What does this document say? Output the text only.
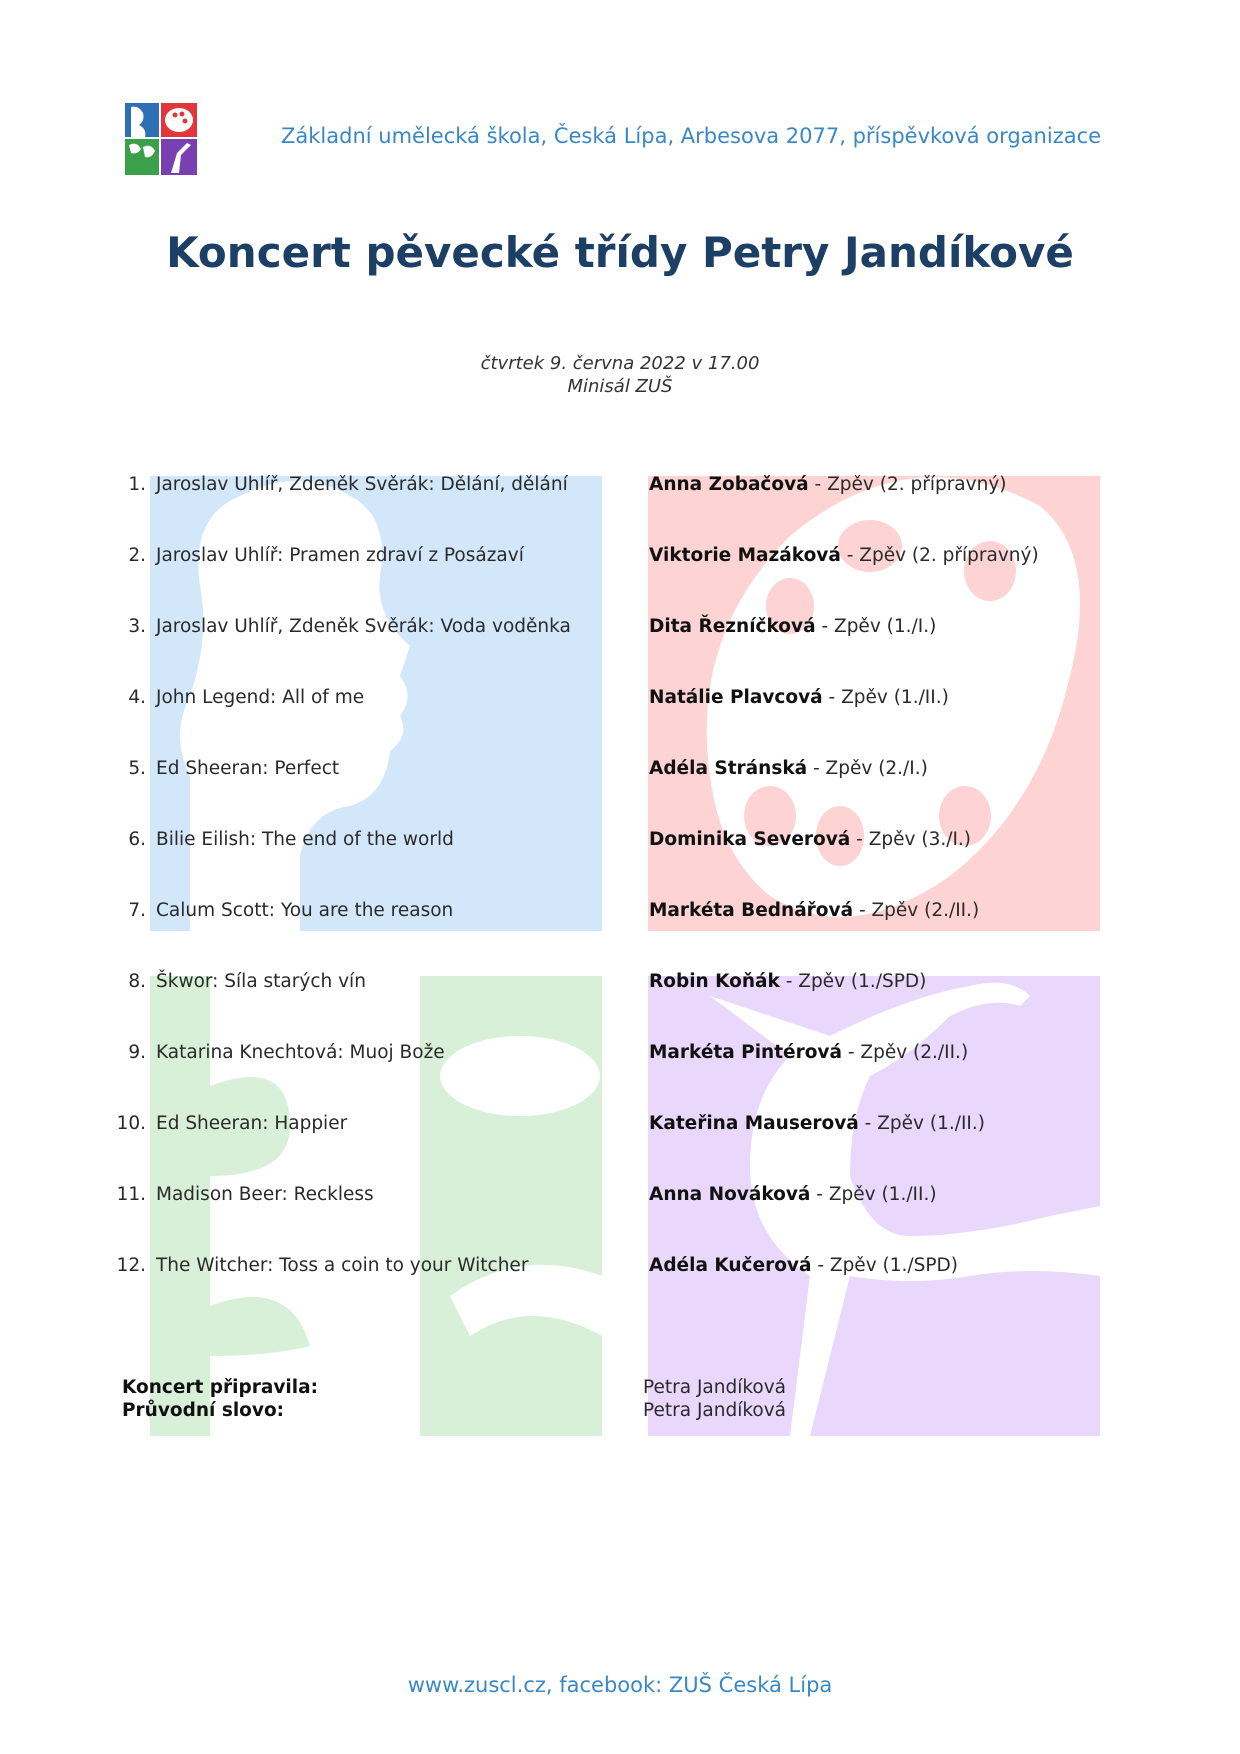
Základní umělecká škola, Česká Lípa, Arbesova 2077, příspěvková organizace
Koncert pěvecké třídy Petry Jandíkové
čtvrtek 9. června 2022 v 17.00
Minisál ZUŠ
1. Jaroslav Uhlíř, Zdeněk Svěrák: Dělání, dělání	Anna Zobačová - Zpěv (2. přípravný)
2. Jaroslav Uhlíř: Pramen zdraví z Posázaví	Viktorie Mazáková - Zpěv (2. přípravný)
3. Jaroslav Uhlíř, Zdeněk Svěrák: Voda voděnka	Dita Řezníčková - Zpěv (1./I.)
4. John Legend: All of me	Natálie Plavcová - Zpěv (1./II.)
5. Ed Sheeran: Perfect	Adéla Stránská - Zpěv (2./I.)
6. Bilie Eilish: The end of the world	Dominika Severová - Zpěv (3./I.)
7. Calum Scott: You are the reason	Markéta Bednářová - Zpěv (2./II.)
8. Škwor: Síla starých vín	Robin Koňák - Zpěv (1./SPD)
9. Katarina Knechtová: Muoj Bože	Markéta Pintérová - Zpěv (2./II.)
10. Ed Sheeran: Happier	Kateřina Mauserová - Zpěv (1./II.)
11. Madison Beer: Reckless	Anna Nováková - Zpěv (1./II.)
12. The Witcher: Toss a coin to your Witcher	Adéla Kučerová - Zpěv (1./SPD)
Koncert připravila:	Petra Jandíková
Průvodní slovo:	Petra Jandíková
www.zuscl.cz, facebook: ZUŠ Česká Lípa
